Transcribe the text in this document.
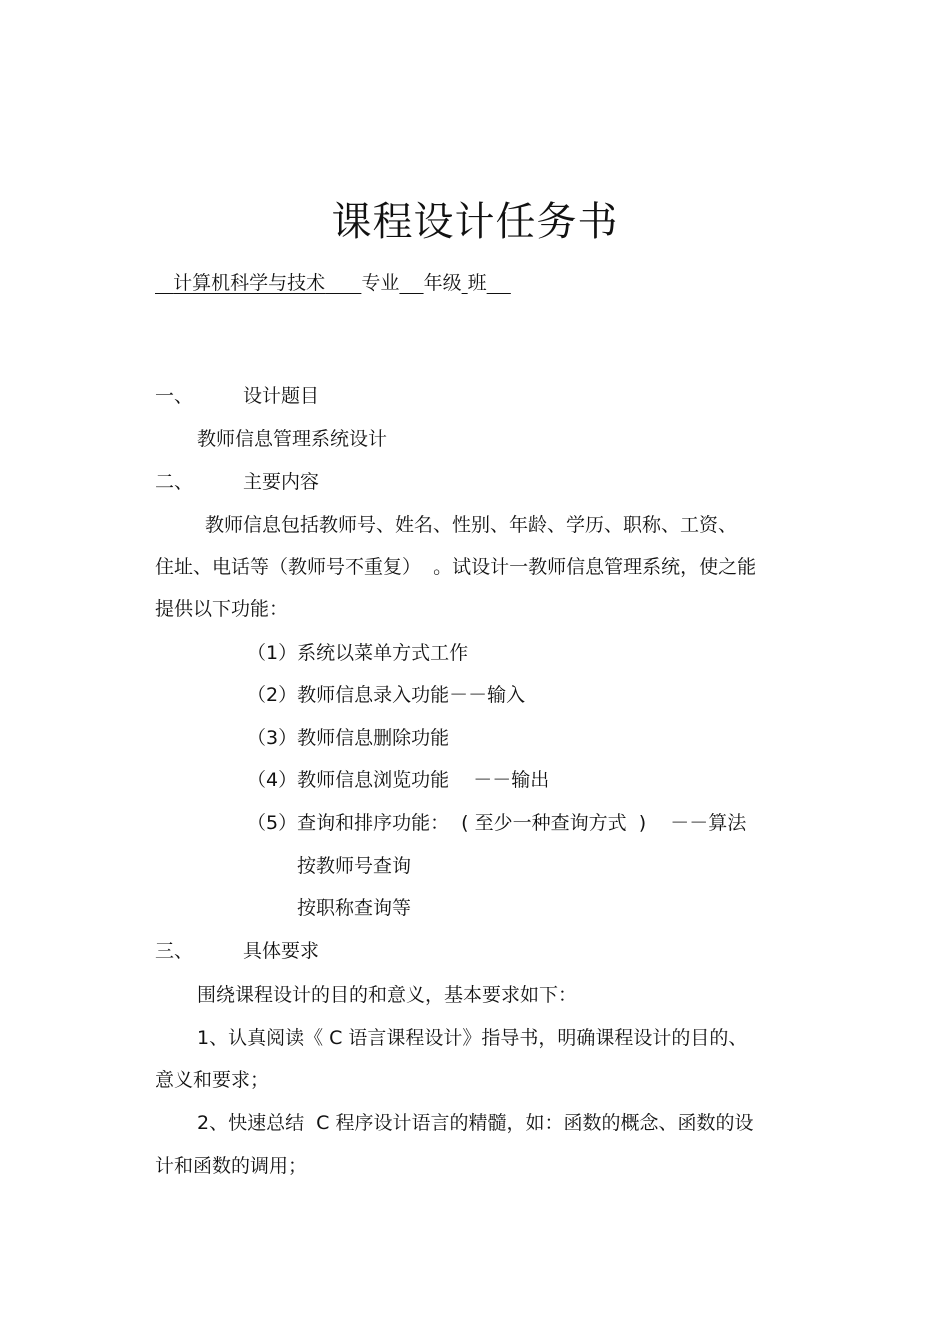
课程设计任务书
计算机科学与技术 专业 年级 班
一、	设计题目
教师信息管理系统设计
二、	主要内容
教师信息包括教师号、姓名、性别、年龄、学历、职称、工资、
住址、电话等（教师号不重复）  。试设计一教师信息管理系统，使之能
提供以下功能：
（1）系统以菜单方式工作
（2）教师信息录入功能－－输入
（3）教师信息删除功能
（4）教师信息浏览功能    －－输出
（5）查询和排序功能：  ( 至少一种查询方式  )    －－算法
按教师号查询
按职称查询等
三、	具体要求
围绕课程设计的目的和意义，基本要求如下：
1、认真阅读《 C 语言课程设计》指导书，明确课程设计的目的、
意义和要求；
2、快速总结  C 程序设计语言的精髓，如：函数的概念、函数的设
计和函数的调用；
